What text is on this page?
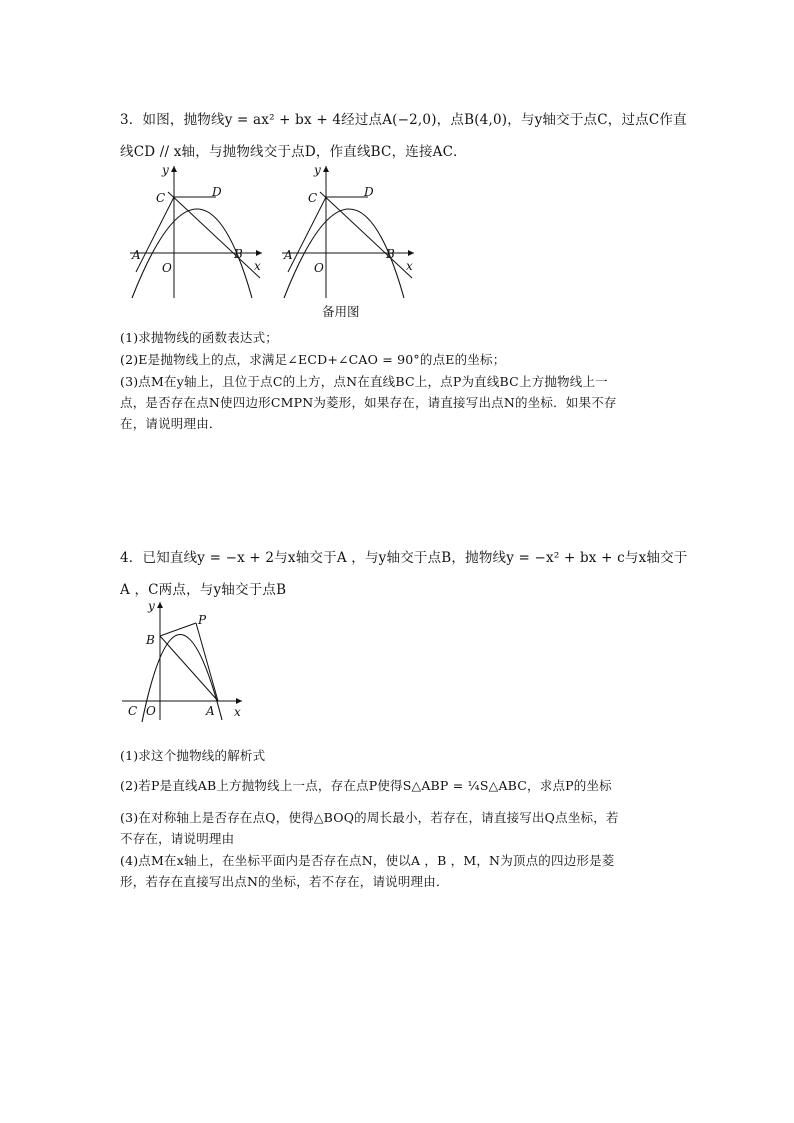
3．如图，抛物线y = ax² + bx + 4经过点A(−2,0)，点B(4,0)，与y轴交于点C，过点C作直
线CD // x轴，与抛物线交于点D，作直线BC，连接AC．
y
C	D
A	B
O	x
y
C	D
A	B
O	x
备用图
(1)求抛物线的函数表达式；
(2)E是抛物线上的点，求满足∠ECD+∠CAO = 90°的点E的坐标；
(3)点M在y轴上，且位于点C的上方，点N在直线BC上，点P为直线BC上方抛物线上一
点，是否存在点N使四边形CMPN为菱形，如果存在，请直接写出点N的坐标．如果不存
在，请说明理由．
4．已知直线y = −x + 2与x轴交于A ，与y轴交于点B，抛物线y = −x² + bx + c与x轴交于
A ，C两点，与y轴交于点B
y
B
P
C O	A x
(1)求这个抛物线的解析式
(2)若P是直线AB上方抛物线上一点，存在点P使得S△ABP = ¼S△ABC，求点P的坐标
(3)在对称轴上是否存在点Q，使得△BOQ的周长最小，若存在，请直接写出Q点坐标，若
不存在，请说明理由
(4)点M在x轴上，在坐标平面内是否存在点N，使以A ，B ，M，N为顶点的四边形是菱
形，若存在直接写出点N的坐标，若不存在，请说明理由．
